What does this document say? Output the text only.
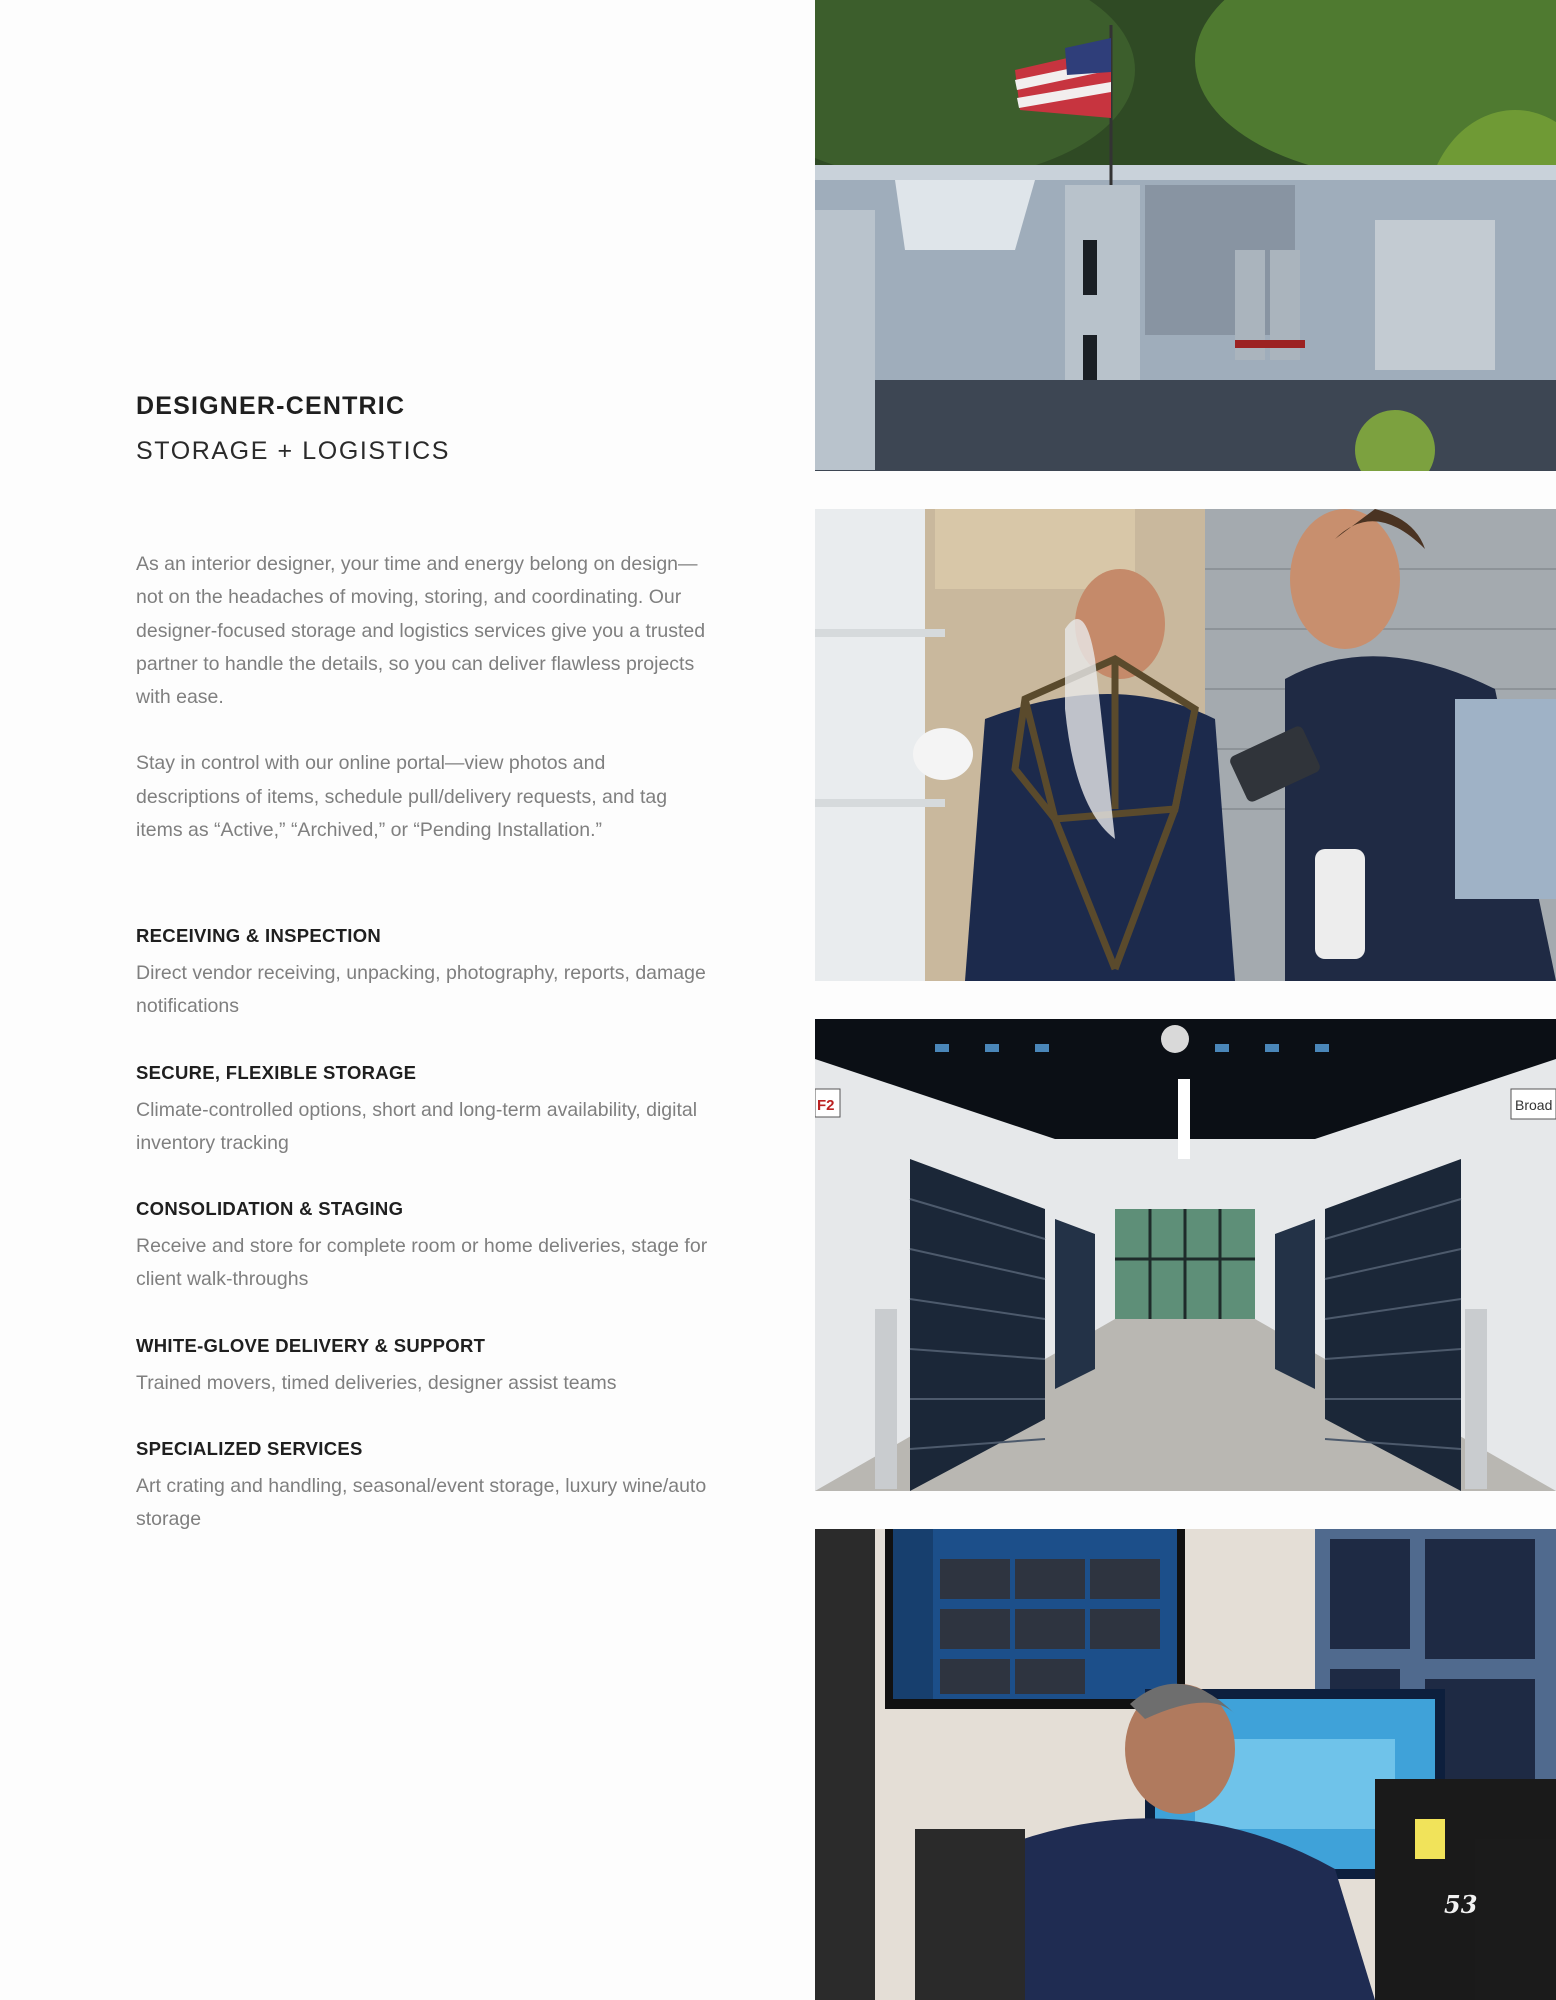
DESIGNER-CENTRIC
STORAGE + LOGISTICS

As an interior designer, your time and energy belong on design—not on the headaches of moving, storing, and coordinating. Our designer-focused storage and logistics services give you a trusted partner to handle the details, so you can deliver flawless projects with ease.

Stay in control with our online portal—view photos and descriptions of items, schedule pull/delivery requests, and tag items as “Active,” “Archived,” or “Pending Installation.”

RECEIVING & INSPECTION
Direct vendor receiving, unpacking, photography, reports, damage notifications
SECURE, FLEXIBLE STORAGE
Climate-controlled options, short and long-term availability, digital inventory tracking
CONSOLIDATION & STAGING
Receive and store for complete room or home deliveries, stage for client walk-throughs
WHITE-GLOVE DELIVERY & SUPPORT
Trained movers, timed deliveries, designer assist teams
SPECIALIZED SERVICES
Art crating and handling, seasonal/event storage, luxury wine/auto storage
F2	Broad
53
